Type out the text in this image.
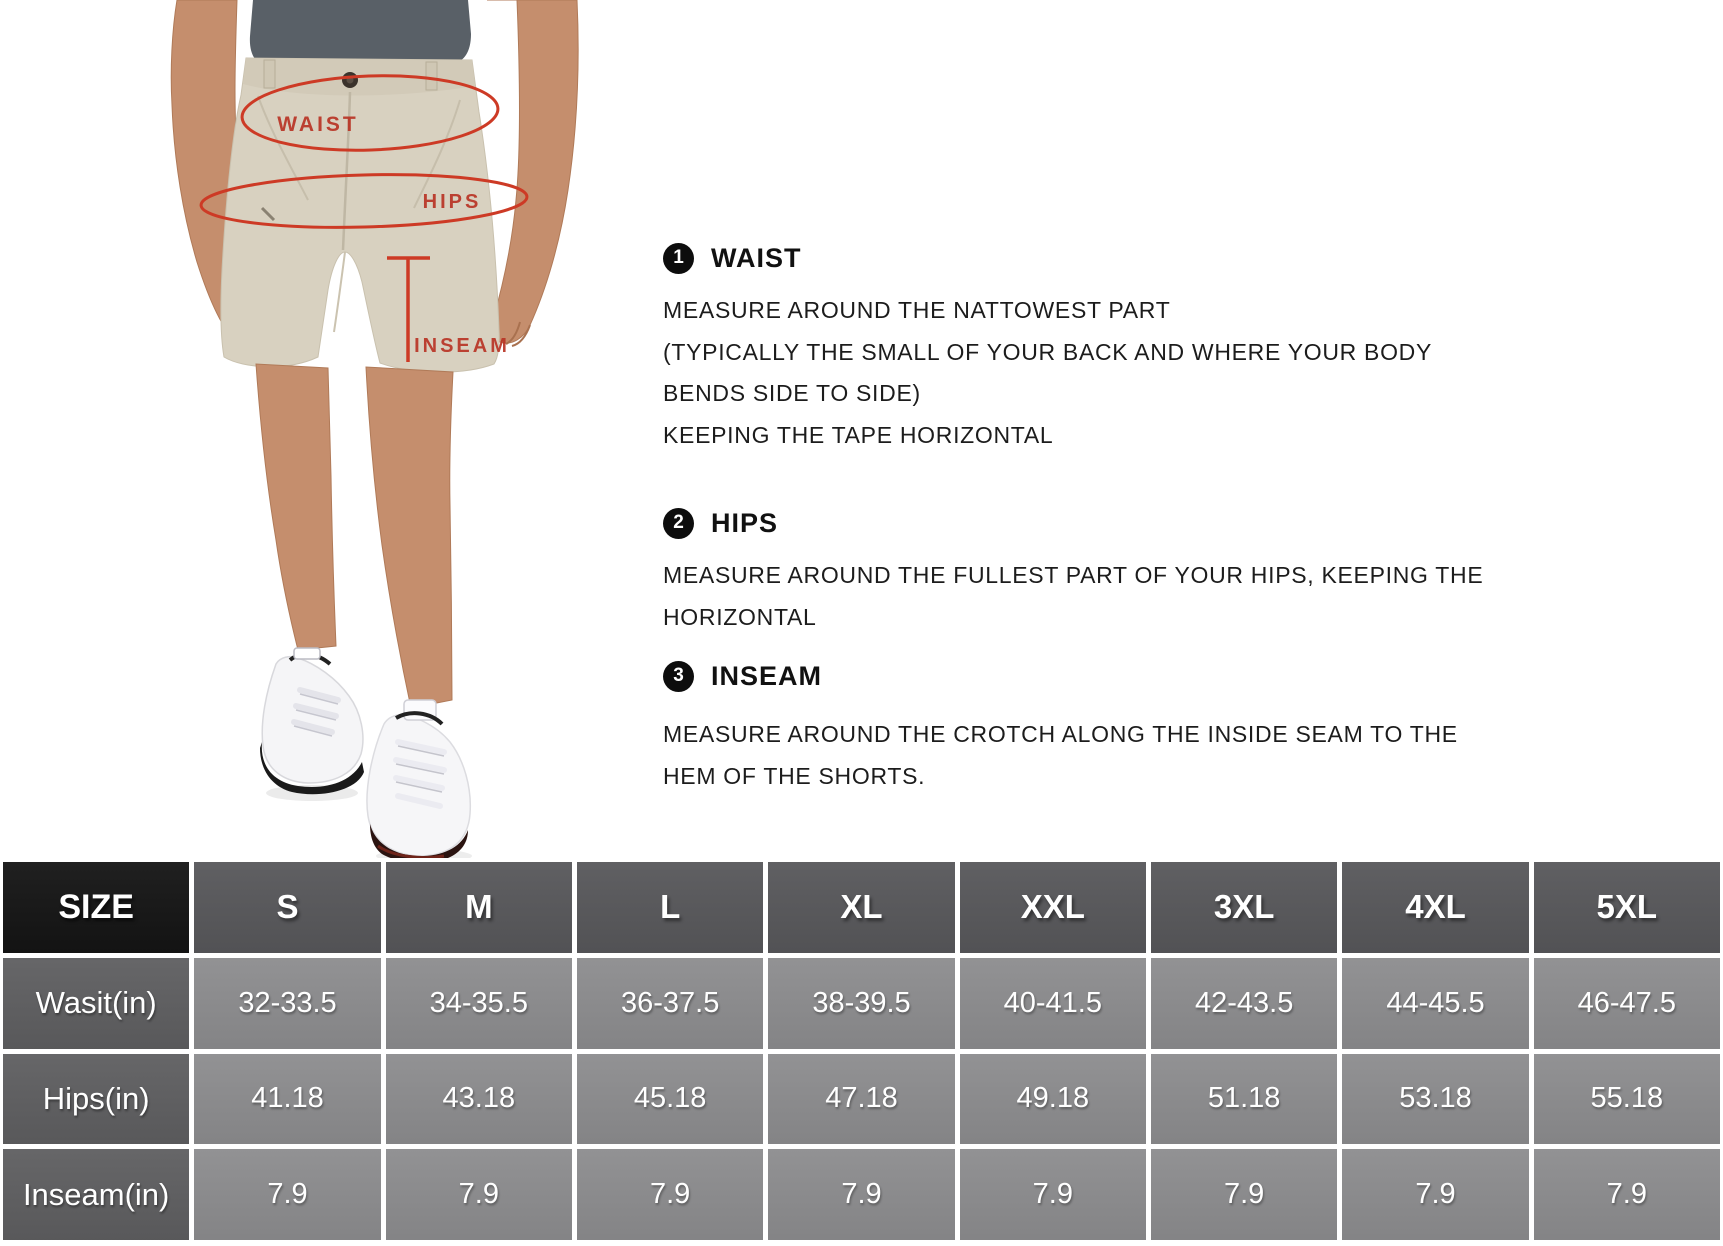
WAIST
HIPS
INSEAM
1	WAIST
MEASURE AROUND THE NATTOWEST PART
(TYPICALLY THE SMALL OF YOUR BACK AND WHERE YOUR BODY
BENDS SIDE TO SIDE)
KEEPING THE TAPE HORIZONTAL
2	HIPS
MEASURE AROUND THE FULLEST PART OF YOUR HIPS, KEEPING THE
HORIZONTAL
3	INSEAM
MEASURE AROUND THE CROTCH ALONG THE INSIDE SEAM TO THE
HEM OF THE SHORTS.
SIZE	S	M	L	XL	XXL	3XL	4XL	5XL
Wasit(in)	32-33.5	34-35.5	36-37.5	38-39.5	40-41.5	42-43.5	44-45.5	46-47.5
Hips(in)	41.18	43.18	45.18	47.18	49.18	51.18	53.18	55.18
Inseam(in)	7.9	7.9	7.9	7.9	7.9	7.9	7.9	7.9
